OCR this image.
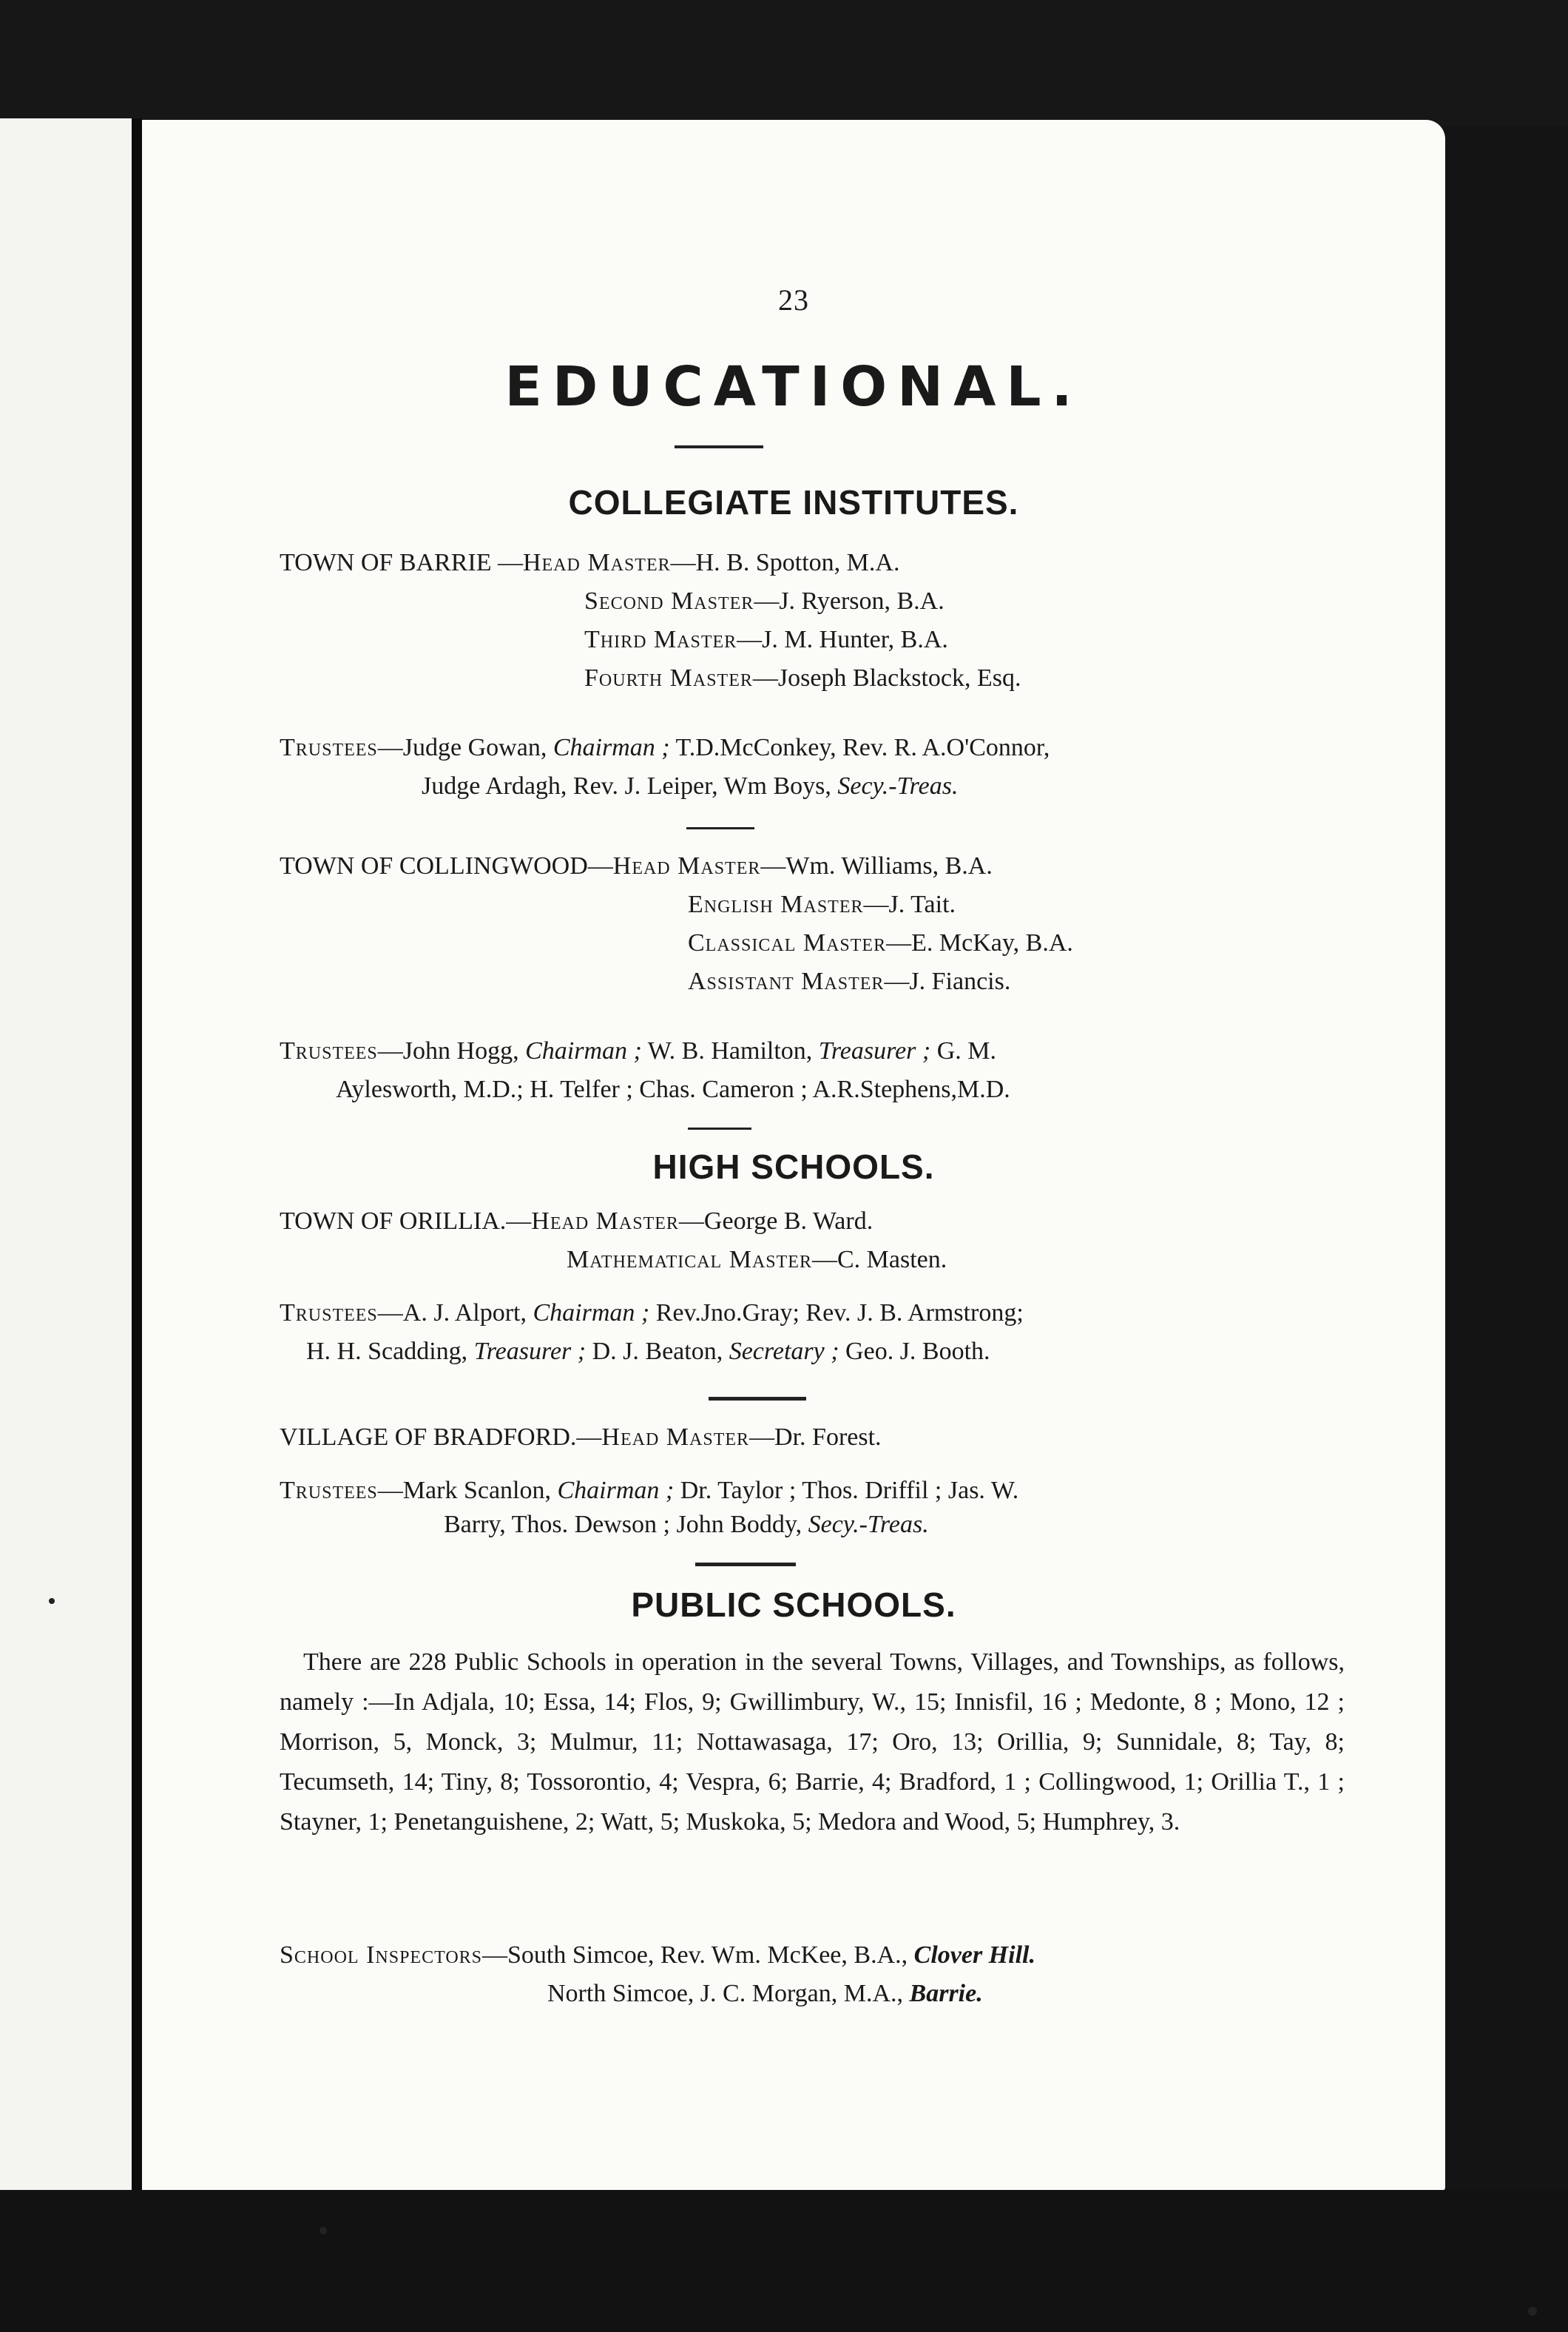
23
EDUCATIONAL.
COLLEGIATE INSTITUTES.
TOWN OF BARRIE —Head Master—H. B. Spotton, M.A.
Second Master—J. Ryerson, B.A.
Third Master—J. M. Hunter, B.A.
Fourth Master—Joseph Blackstock, Esq.
Trustees—Judge Gowan, Chairman ; T.D.McConkey, Rev. R. A.O'Connor,
Judge Ardagh, Rev. J. Leiper, Wm Boys, Secy.-Treas.
TOWN OF COLLINGWOOD—Head Master—Wm. Williams, B.A.
English Master—J. Tait.
Classical Master—E. McKay, B.A.
Assistant Master—J. Fiancis.
Trustees—John Hogg, Chairman ; W. B. Hamilton, Treasurer ; G. M.
Aylesworth, M.D.; H. Telfer ; Chas. Cameron ; A.R.Stephens,M.D.
HIGH SCHOOLS.
TOWN OF ORILLIA.—Head Master—George B. Ward.
Mathematical Master—C. Masten.
Trustees—A. J. Alport, Chairman ; Rev.Jno.Gray; Rev. J. B. Armstrong;
H. H. Scadding, Treasurer ; D. J. Beaton, Secretary ; Geo. J. Booth.
VILLAGE OF BRADFORD.—Head Master—Dr. Forest.
Trustees—Mark Scanlon, Chairman ; Dr. Taylor ; Thos. Driffil ; Jas. W.
Barry, Thos. Dewson ; John Boddy, Secy.-Treas.
PUBLIC SCHOOLS.
There are 228 Public Schools in operation in the several Towns, Villages, and Townships, as follows, namely :—In Adjala, 10; Essa, 14; Flos, 9; Gwillimbury, W., 15; Innisfil, 16 ; Medonte, 8 ; Mono, 12 ; Morrison, 5, Monck, 3; Mulmur, 11; Nottawasaga, 17; Oro, 13; Orillia, 9; Sunnidale, 8; Tay, 8; Tecumseth, 14; Tiny, 8; Tossorontio, 4; Vespra, 6; Barrie, 4; Bradford, 1 ; Collingwood, 1; Orillia T., 1 ; Stayner, 1; Penetanguishene, 2; Watt, 5; Muskoka, 5; Medora and Wood, 5; Humphrey, 3.
School Inspectors—South Simcoe, Rev. Wm. McKee, B.A., Clover Hill.
North Simcoe, J. C. Morgan, M.A., Barrie.
